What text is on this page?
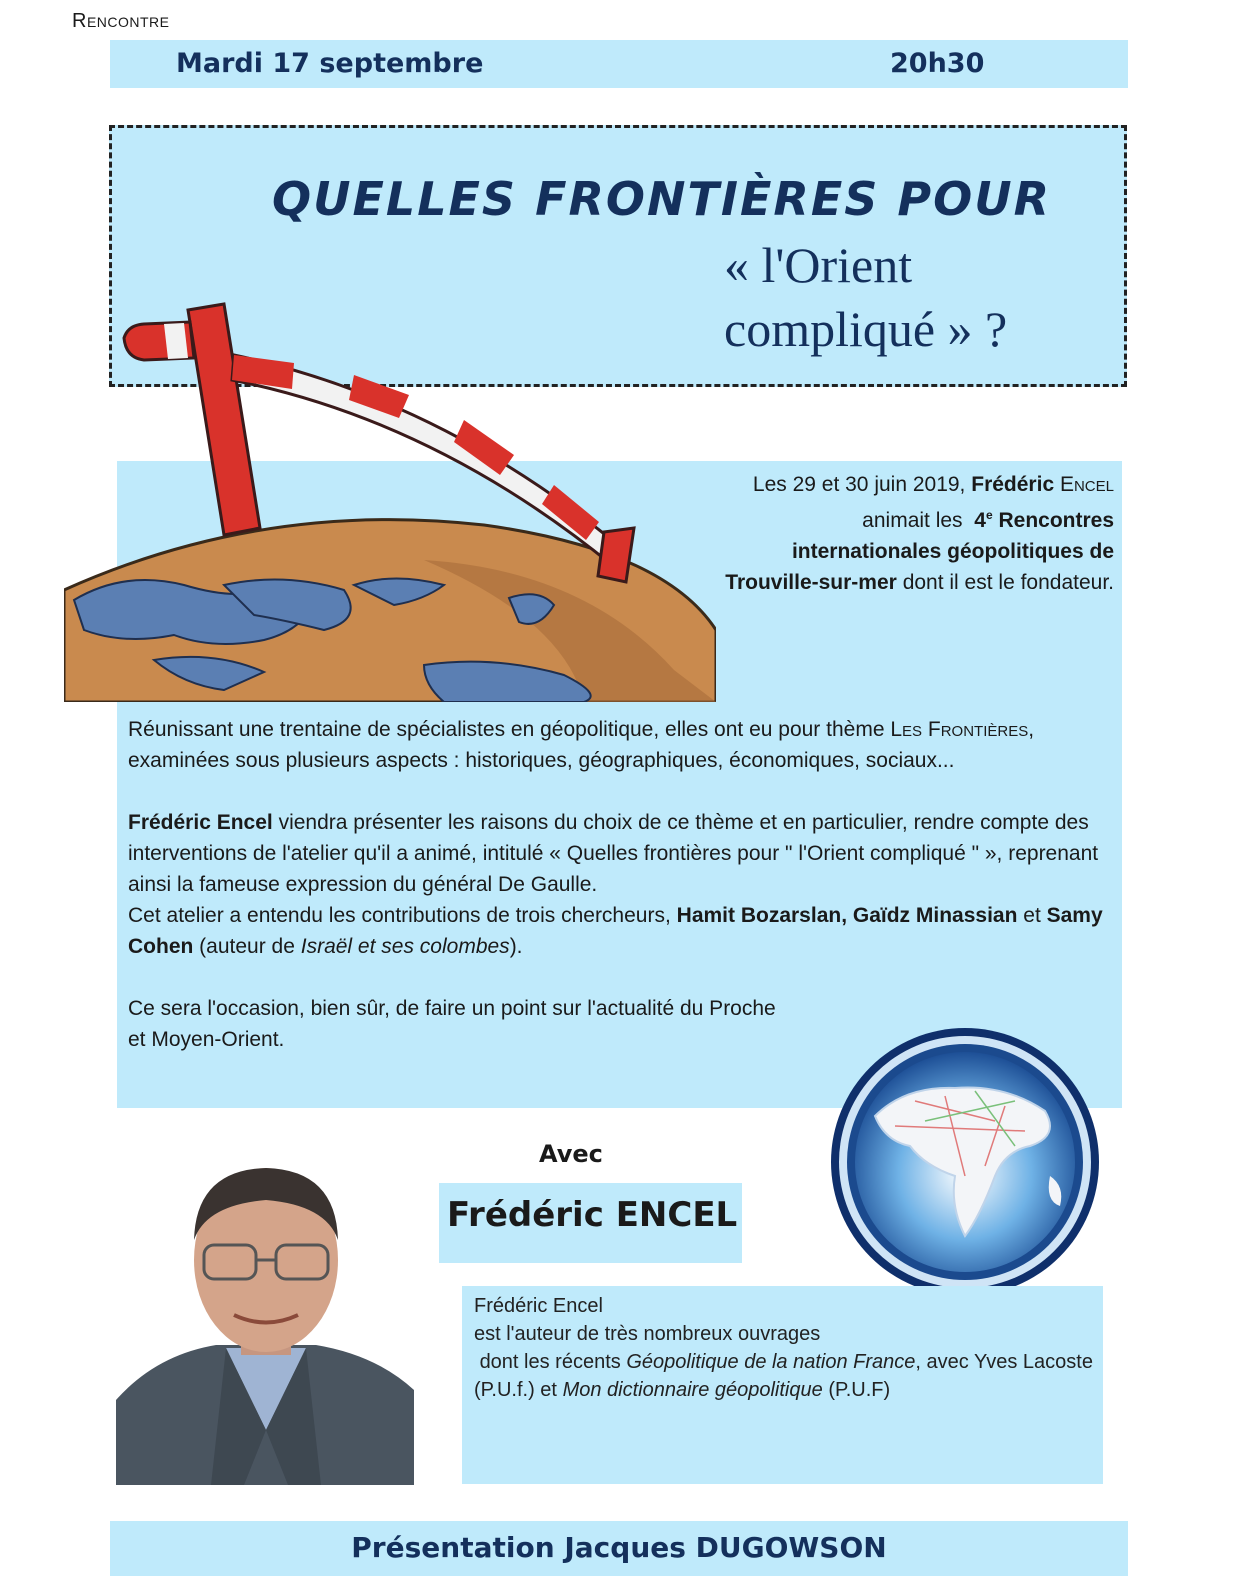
Rencontre
Mardi 17 septembre	20h30
QUELLES FRONTIÈRES POUR
« l'Orient
compliqué » ?
Les 29 et 30 juin 2019, Frédéric Encel animait les 4e Rencontres internationales géopolitiques de Trouville-sur-mer dont il est le fondateur.

Réunissant une trentaine de spécialistes en géopolitique, elles ont eu pour thème Les Frontières, examinées sous plusieurs aspects : historiques, géographiques, économiques, sociaux...

Frédéric Encel viendra présenter les raisons du choix de ce thème et en particulier, rendre compte des interventions de l'atelier qu'il a animé, intitulé « Quelles frontières pour " l'Orient compliqué " », reprenant ainsi la fameuse expression du général De Gaulle.
Cet atelier a entendu les contributions de trois chercheurs, Hamit Bozarslan, Gaïdz Minassian et Samy Cohen (auteur de Israël et ses colombes).

Ce sera l'occasion, bien sûr, de faire un point sur l'actualité du Proche et Moyen-Orient.

Avec
Frédéric ENCEL
Frédéric Encel
est l'auteur de très nombreux ouvrages
dont les récents Géopolitique de la nation France, avec Yves Lacoste (P.U.f.) et Mon dictionnaire géopolitique (P.U.F)
Présentation Jacques DUGOWSON
